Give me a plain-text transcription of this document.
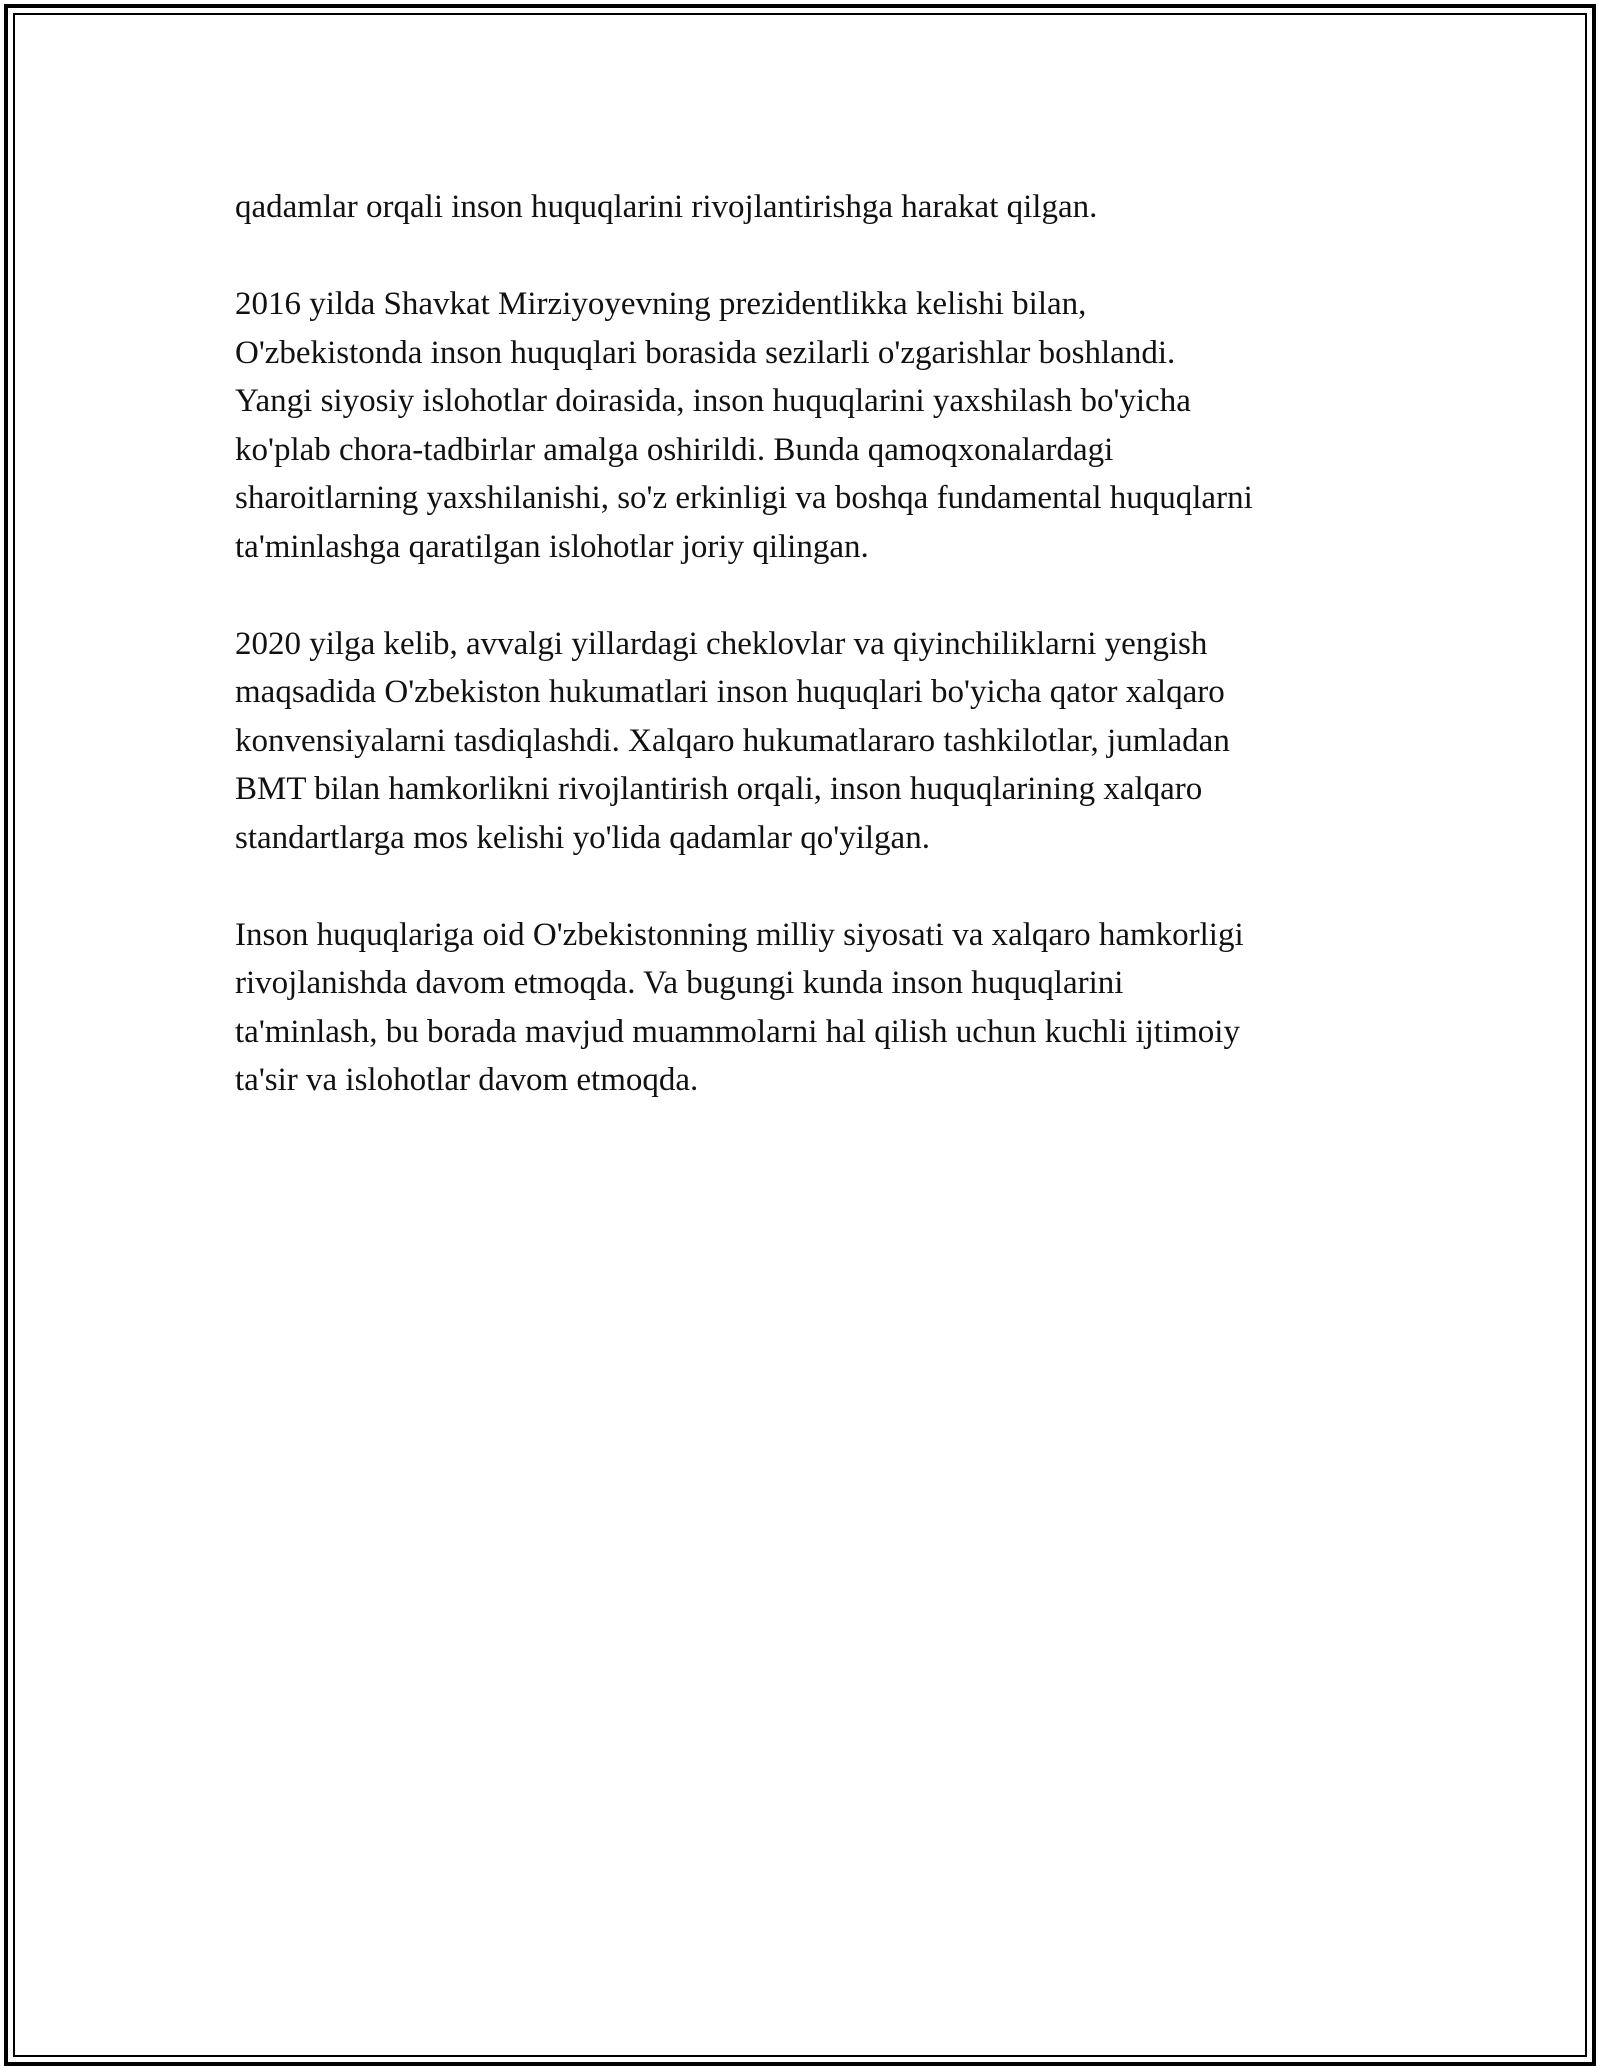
qadamlar orqali inson huquqlarini rivojlantirishga harakat qilgan.

2016 yilda Shavkat Mirziyoyevning prezidentlikka kelishi bilan,
O'zbekistonda inson huquqlari borasida sezilarli o'zgarishlar boshlandi.
Yangi siyosiy islohotlar doirasida, inson huquqlarini yaxshilash bo'yicha
ko'plab chora-tadbirlar amalga oshirildi. Bunda qamoqxonalardagi
sharoitlarning yaxshilanishi, so'z erkinligi va boshqa fundamental huquqlarni
ta'minlashga qaratilgan islohotlar joriy qilingan.

2020 yilga kelib, avvalgi yillardagi cheklovlar va qiyinchiliklarni yengish
maqsadida O'zbekiston hukumatlari inson huquqlari bo'yicha qator xalqaro
konvensiyalarni tasdiqlashdi. Xalqaro hukumatlararo tashkilotlar, jumladan
BMT bilan hamkorlikni rivojlantirish orqali, inson huquqlarining xalqaro
standartlarga mos kelishi yo'lida qadamlar qo'yilgan.

Inson huquqlariga oid O'zbekistonning milliy siyosati va xalqaro hamkorligi
rivojlanishda davom etmoqda. Va bugungi kunda inson huquqlarini
ta'minlash, bu borada mavjud muammolarni hal qilish uchun kuchli ijtimoiy
ta'sir va islohotlar davom etmoqda.
